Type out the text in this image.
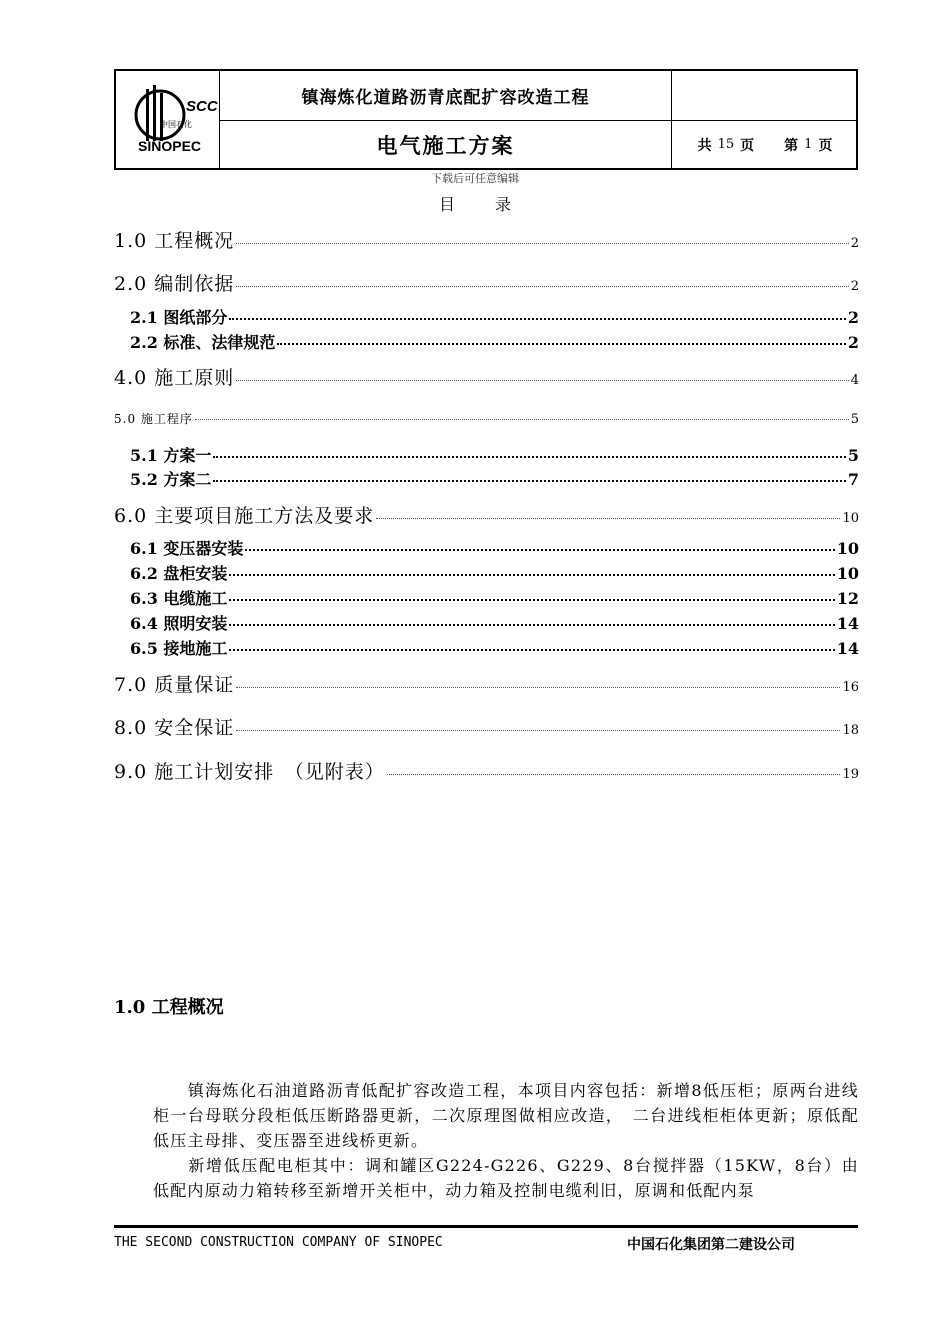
SCC
中国石化
SINOPEC
镇海炼化道路沥青底配扩容改造工程
电气施工方案	共 15 页 第 1 页
下载后可任意编辑
目录
1.0 工程概况	2
2.0 编制依据	2
2.1 图纸部分	2
2.2 标准、法律规范	2
4.0 施工原则	4
5.0 施工程序	5
5.1 方案一	5
5.2 方案二	7
6.0 主要项目施工方法及要求	10
6.1 变压器安装	10
6.2 盘柜安装	10
6.3 电缆施工	12
6.4 照明安装	14
6.5 接地施工	14
7.0 质量保证	16
8.0 安全保证	18
9.0 施工计划安排　（见附表）	19
1.0 工程概况
　　镇海炼化石油道路沥青低配扩容改造工程，本项目内容包括：新增8低压柜；原两台进线柜一台母联分段柜低压断路器更新，二次原理图做相应改造，　二台进线柜柜体更新；原低配低压主母排、变压器至进线桥更新。
　　新增低压配电柜其中：调和罐区G224-G226、G229、8台搅拌器（15KW，8台）由低配内原动力箱转移至新增开关柜中，动力箱及控制电缆利旧，原调和低配内泵
THE SECOND CONSTRUCTION COMPANY OF SINOPEC	中国石化集团第二建设公司
